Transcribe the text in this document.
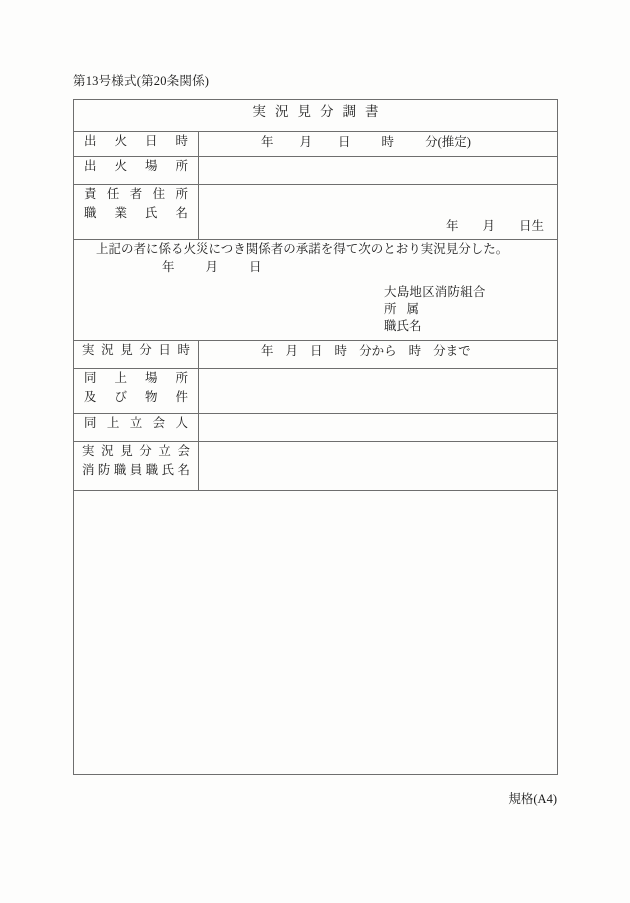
第13号様式(第20条関係)
実況見分調書	

出火日時	年 月 日 時 分(推定)

出火場所	

責任者住所
職業氏名	年 月 日生

上記の者に係る火災につき関係者の承諾を得て次のとおり実況見分した。
年 月 日
大島地区消防組合
所 属
職氏名	

実況見分日時	年 月 日 時 分から 時 分まで

同上場所
及び物件	

同上立会人	

実況見分立会
消防職員職氏名	

規格(A4)
